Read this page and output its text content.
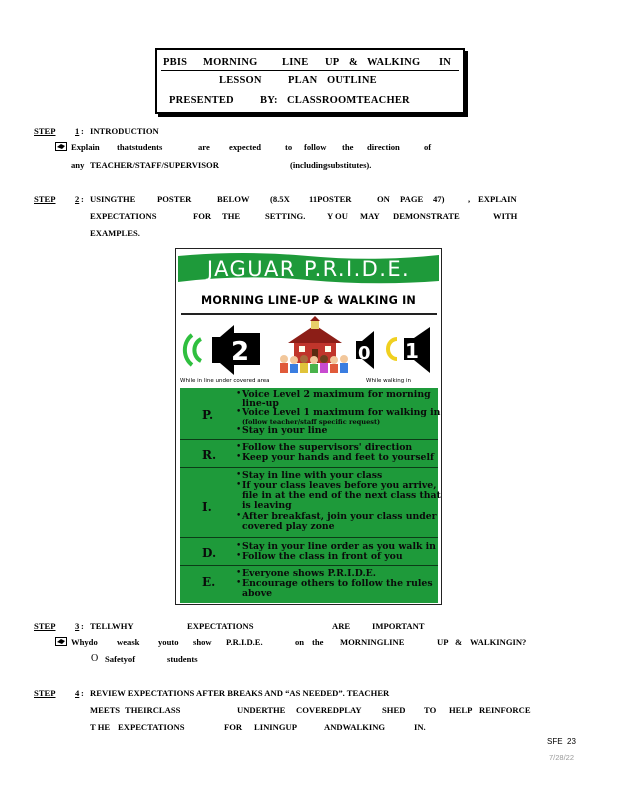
PBIS MORNING LINE UP & WALKING IN
LESSON	PLAN OUTLINE
PRESENTED BY: CLASSROOMTEACHER
STEP 1 : INTRODUCTION
Explain thatstudents	are expected	to follow the direction	of
any TEACHER/STAFF/SUPERVISOR	(includingsubstitutes).
STEP 2 : USINGTHE	POSTER	BELOW (8.5X 11POSTER	ON PAGE 47)	, EXPLAIN
EXPECTATIONS	FOR THE	SETTING.	Y OU MAY DEMONSTRATE	WITH
EXAMPLES.
JAGUAR P.R.I.D.E.
MORNING LINE-UP & WALKING IN
2	0 1
While in line under covered area	While walking in
P.
• Voice Level 2 maximum for morning
line-up
• Voice Level 1 maximum for walking in
(follow teacher/staff specific request)
• Stay in your line
R.
• Follow the supervisors' direction
• Keep your hands and feet to yourself
I.
• Stay in line with your class
• If your class leaves before you arrive,
file in at the end of the next class that
is leaving
• After breakfast, join your class under
covered play zone
D. • Stay in your line order as you walk in
• Follow the class in front of you
E.
• Everyone shows P.R.I.D.E.
• Encourage others to follow the rules
above
STEP 3 : TELLWHY	EXPECTATIONS	ARE	IMPORTANT
Whydo weask youto show P.R.I.D.E.	on the MORNINGLINE	UP & WALKINGIN?
O Safetyof	students
STEP 4 : REVIEW EXPECTATIONS AFTER BREAKS AND “AS NEEDED”. TEACHER
MEETS THEIRCLASS	UNDERTHE COVEREDPLAY SHED TO HELP REINFORCE
T HE EXPECTATIONS	FOR LININGUP	ANDWALKING	IN.
SFE 23
7/28/22
